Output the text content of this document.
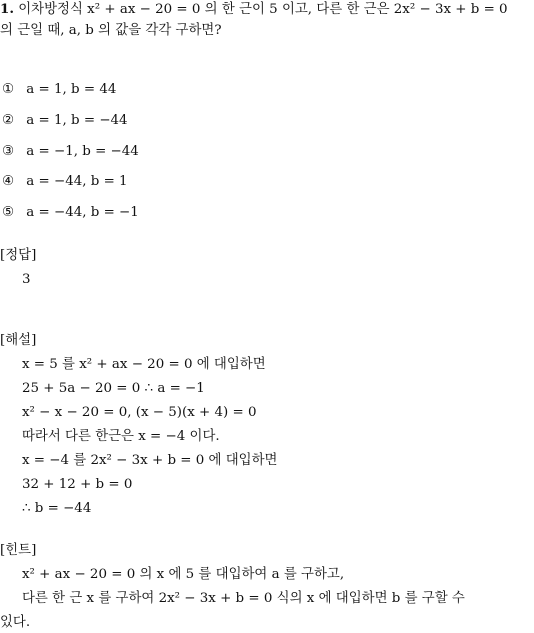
1. 이차방정식 x² + ax − 20 = 0 의 한 근이 5 이고, 다른 한 근은 2x² − 3x + b = 0
의 근일 때, a, b 의 값을 각각 구하면?
① a = 1, b = 44
② a = 1, b = −44
③ a = −1, b = −44
④ a = −44, b = 1
⑤ a = −44, b = −1
[정답]
3
[해설]
x = 5 를 x² + ax − 20 = 0 에 대입하면
25 + 5a − 20 = 0 ∴ a = −1
x² − x − 20 = 0, (x − 5)(x + 4) = 0
따라서 다른 한근은 x = −4 이다.
x = −4 를 2x² − 3x + b = 0 에 대입하면
32 + 12 + b = 0
∴ b = −44
[힌트]
x² + ax − 20 = 0 의 x 에 5 를 대입하여 a 를 구하고,
다른 한 근 x 를 구하여 2x² − 3x + b = 0 식의 x 에 대입하면 b 를 구할 수
있다.
